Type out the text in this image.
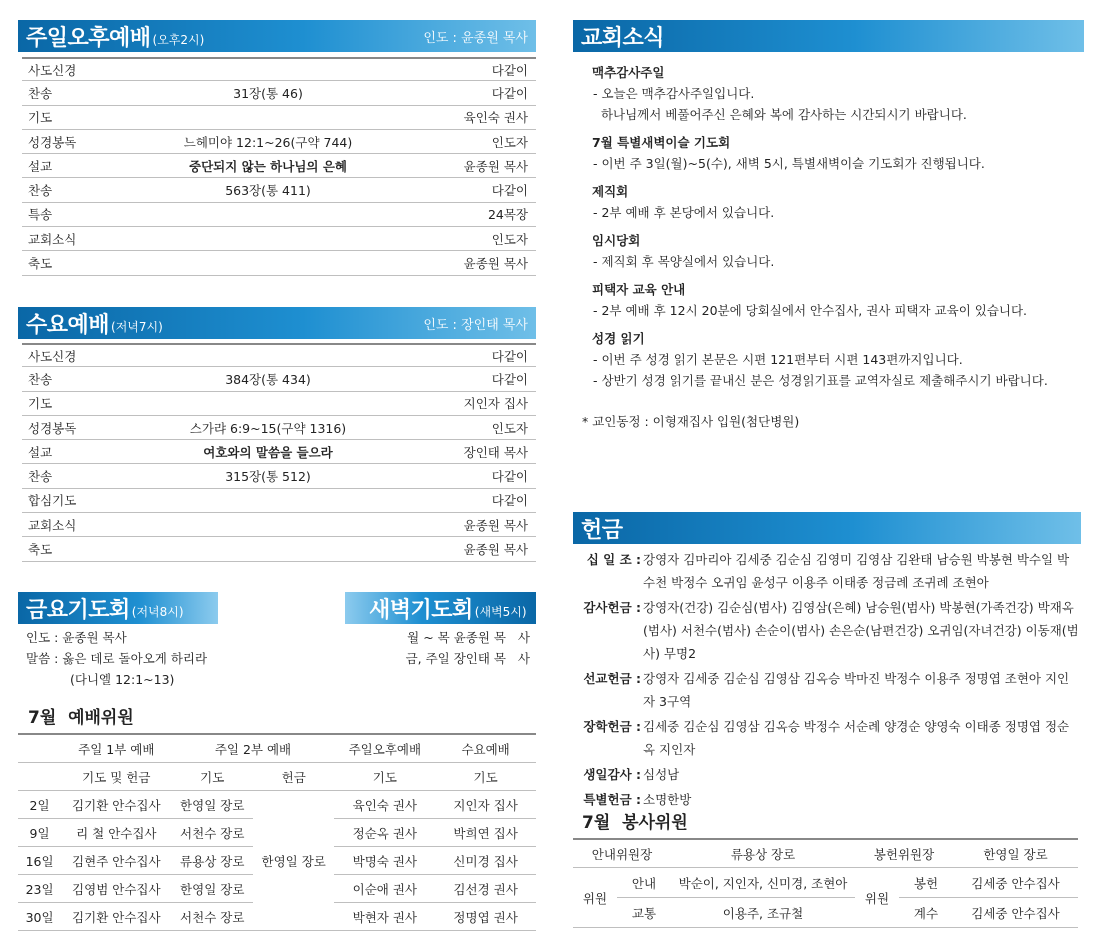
주일오후예배 (오후2시)	인도 : 윤종원 목사
사도신경	다같이
찬송	31장(통 46)	다같이
기도	육인숙 권사
성경봉독	느헤미야 12:1~26(구약 744)	인도자
설교	중단되지 않는 하나님의 은혜	윤종원 목사
찬송	563장(통 411)	다같이
특송	24목장
교회소식	인도자
축도	윤종원 목사
수요예배 (저녁7시)	인도 : 장인태 목사
사도신경	다같이
찬송	384장(통 434)	다같이
기도	지인자 집사
성경봉독	스가랴 6:9~15(구약 1316)	인도자
설교	여호와의 말씀을 들으라	장인태 목사
찬송	315장(통 512)	다같이
합심기도	다같이
교회소식	윤종원 목사
축도	윤종원 목사
금요기도회 (저녁8시)
인도 : 윤종원 목사
말씀 : 옳은 데로 돌아오게 하리라
(다니엘 12:1~13)
새벽기도회 (새벽5시)
월 ~ 목 윤종원 목   사
금, 주일 장인태 목   사
7월  예배위원
	주일 1부 예배	주일 2부 예배		주일오후예배	수요예배
	기도 및 헌금	기도	헌금	기도	기도
2일	김기환 안수집사	한영일 장로	한영일 장로	육인숙 권사	지인자 집사
9일	리 철 안수집사	서천수 장로		정순옥 권사	박희연 집사
16일	김현주 안수집사	류용상 장로		박명숙 권사	신미경 집사
23일	김영범 안수집사	한영일 장로		이순애 권사	김선경 권사
30일	김기환 안수집사	서천수 장로		박현자 권사	정명엽 권사
교회소식
맥추감사주일
- 오늘은 맥추감사주일입니다.
하나님께서 베풀어주신 은혜와 복에 감사하는 시간되시기 바랍니다.
7월 특별새벽이슬 기도회
- 이번 주 3일(월)~5(수), 새벽 5시, 특별새벽이슬 기도회가 진행됩니다.
제직회
- 2부 예배 후 본당에서 있습니다.
임시당회
- 제직회 후 목양실에서 있습니다.
피택자 교육 안내
- 2부 예배 후 12시 20분에 당회실에서 안수집사, 권사 피택자 교육이 있습니다.
성경 읽기
- 이번 주 성경 읽기 본문은 시편 121편부터 시편 143편까지입니다.
- 상반기 성경 읽기를 끝내신 분은 성경읽기표를 교역자실로 제출해주시기 바랍니다.
* 교인동정 : 이형재집사 입원(첨단병원)
헌금
십 일 조 : 강영자 김마리아 김세중 김순심 김영미 김영삼 김완태 남승원 박봉현 박수일 박수천 박정수 오귀임 윤성구 이용주 이태종 정금례 조귀례 조현아
감사헌금 : 강영자(건강) 김순심(범사) 김영삼(은혜) 남승원(범사) 박봉현(가족건강) 박재옥(범사) 서천수(범사) 손순이(범사) 손은순(남편건강) 오귀임(자녀건강) 이동재(범사) 무명2
선교헌금 : 강영자 김세중 김순심 김영삼 김옥승 박마진 박정수 이용주 정명엽 조현아 지인자 3구역
장학헌금 : 김세중 김순심 김영삼 김옥승 박정수 서순례 양경순 양영숙 이태종 정명엽 정순옥 지인자
생일감사 : 심성남
특별헌금 : 소명한방
7월  봉사위원
안내위원장		류용상 장로	봉헌위원장		한영일 장로
위원	안내	박순이, 지인자, 신미경, 조현아	위원	봉헌	김세중 안수집사
	교통	이용주, 조규철		계수	김세중 안수집사
